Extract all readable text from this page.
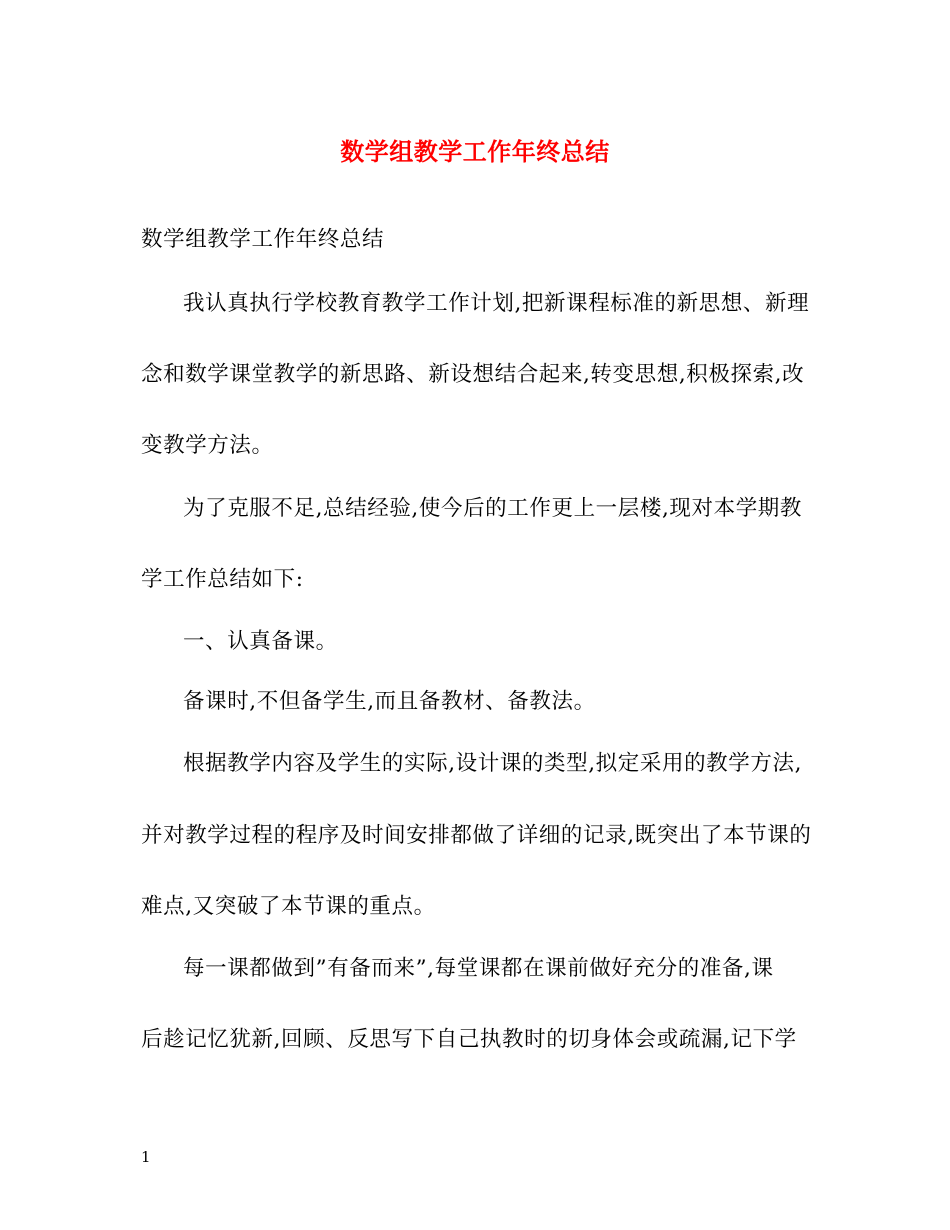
数学组教学工作年终总结
数学组教学工作年终总结
我认真执行学校教育教学工作计划,把新课程标准的新思想、新理
念和数学课堂教学的新思路、新设想结合起来,转变思想,积极探索,改
变教学方法。
为了克服不足,总结经验,使今后的工作更上一层楼,现对本学期教
学工作总结如下:
一、认真备课。
备课时,不但备学生,而且备教材、备教法。
根据教学内容及学生的实际,设计课的类型,拟定采用的教学方法,
并对教学过程的程序及时间安排都做了详细的记录,既突出了本节课的
难点,又突破了本节课的重点。
每一课都做到”有备而来”,每堂课都在课前做好充分的准备,课
后趁记忆犹新,回顾、反思写下自己执教时的切身体会或疏漏,记下学
1
